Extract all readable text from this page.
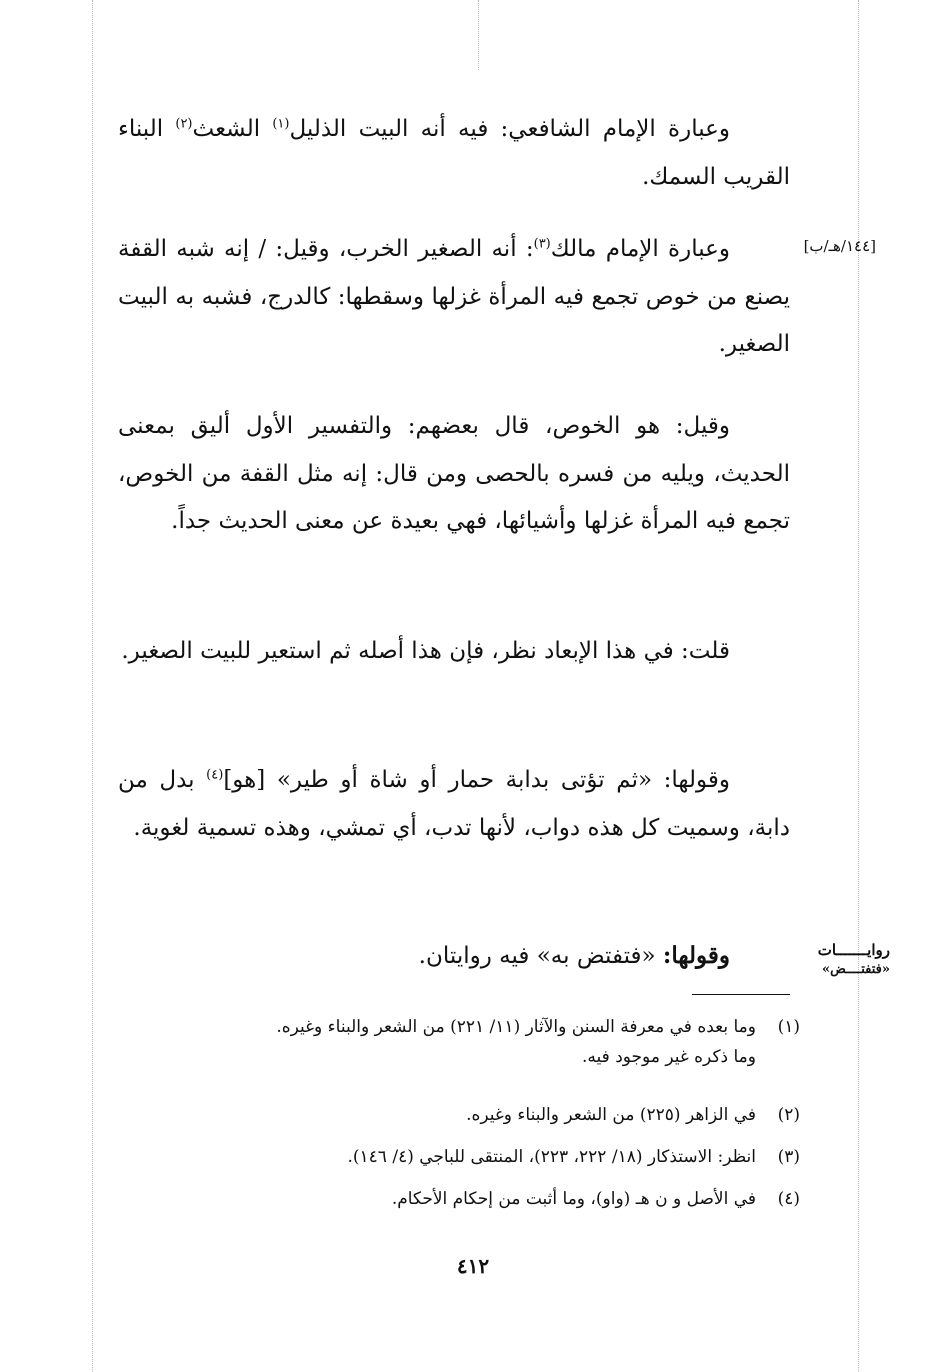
وعبارة الإمام الشافعي: فيه أنه البيت الذليل$^{(١)}$ الشعث$^{(٢)}$ البناء القريب السمك.
[١٤٤/هـ/ب]
وعبارة الإمام مالك$^{(٣)}$: أنه الصغير الخرب، وقيل: / إنه شبه القفة يصنع من خوص تجمع فيه المرأة غزلها وسقطها: كالدرج، فشبه به البيت الصغير.
وقيل: هو الخوص، قال بعضهم: والتفسير الأول أليق بمعنى الحديث، ويليه من فسره بالحصى ومن قال: إنه مثل القفة من الخوص، تجمع فيه المرأة غزلها وأشيائها، فهي بعيدة عن معنى الحديث جداً.
قلت: في هذا الإبعاد نظر، فإن هذا أصله ثم استعير للبيت الصغير.
وقولها: «ثم تؤتى بدابة حمار أو شاة أو طير» [هو]$^{(٤)}$ بدل من دابة، وسميت كل هذه دواب، لأنها تدب، أي تمشي، وهذه تسمية لغوية.
روايـــــــات
«فتفتــــض»
وقولها: «فتفتض به» فيه روايتان.
(١)وما بعده في معرفة السنن والآثار (١١/ ٢٢١) من الشعر والبناء وغيره.
وما ذكره غير موجود فيه.
(٢)في الزاهر (٢٢٥) من الشعر والبناء وغيره.
(٣)انظر: الاستذكار (١٨/ ٢٢٢، ٢٢٣)، المنتقى للباجي (٤/ ١٤٦).
(٤)في الأصل و ن هـ (واو)، وما أثبت من إحكام الأحكام.
٤١٢
